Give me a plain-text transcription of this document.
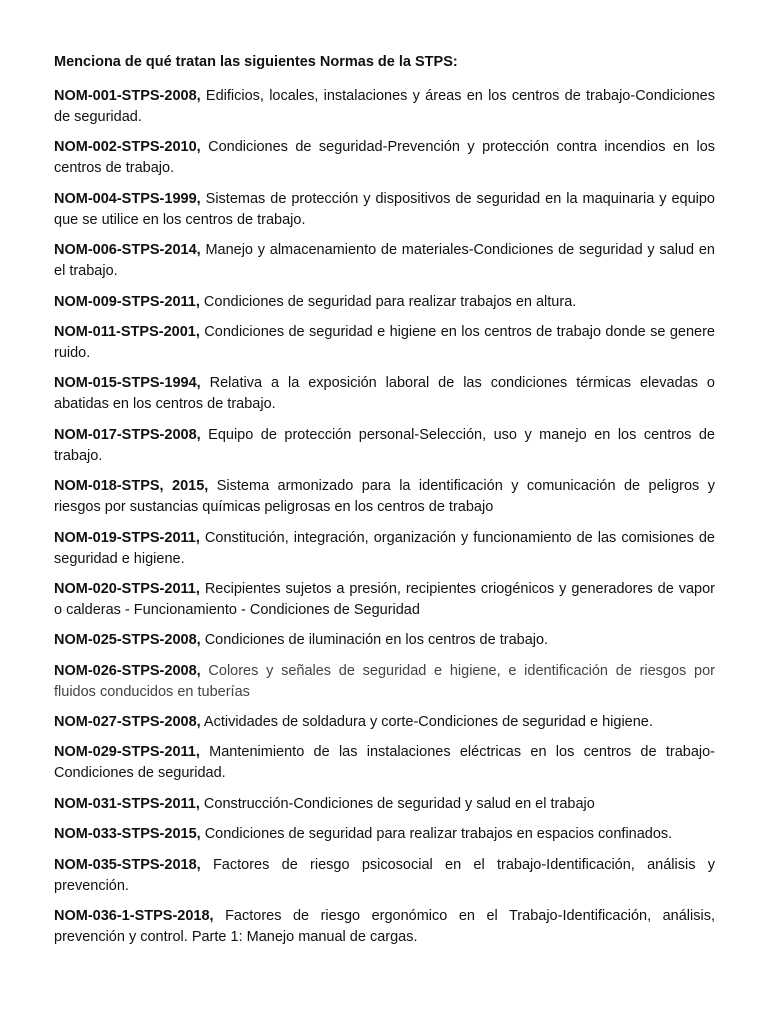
Menciona de qué tratan las siguientes Normas de la STPS:
NOM-001-STPS-2008, Edificios, locales, instalaciones y áreas en los centros de trabajo-Condiciones de seguridad.
NOM-002-STPS-2010, Condiciones de seguridad-Prevención y protección contra incendios en los centros de trabajo.
NOM-004-STPS-1999, Sistemas de protección y dispositivos de seguridad en la maquinaria y equipo que se utilice en los centros de trabajo.
NOM-006-STPS-2014, Manejo y almacenamiento de materiales-Condiciones de seguridad y salud en el trabajo.
NOM-009-STPS-2011, Condiciones de seguridad para realizar trabajos en altura.
NOM-011-STPS-2001, Condiciones de seguridad e higiene en los centros de trabajo donde se genere ruido.
NOM-015-STPS-1994, Relativa a la exposición laboral de las condiciones térmicas elevadas o abatidas en los centros de trabajo.
NOM-017-STPS-2008, Equipo de protección personal-Selección, uso y manejo en los centros de trabajo.
NOM-018-STPS, 2015, Sistema armonizado para la identificación y comunicación de peligros y riesgos por sustancias químicas peligrosas en los centros de trabajo
NOM-019-STPS-2011, Constitución, integración, organización y funcionamiento de las comisiones de seguridad e higiene.
NOM-020-STPS-2011, Recipientes sujetos a presión, recipientes criogénicos y generadores de vapor o calderas - Funcionamiento - Condiciones de Seguridad
NOM-025-STPS-2008, Condiciones de iluminación en los centros de trabajo.
NOM-026-STPS-2008, Colores y señales de seguridad e higiene, e identificación de riesgos por fluidos conducidos en tuberías
NOM-027-STPS-2008, Actividades de soldadura y corte-Condiciones de seguridad e higiene.
NOM-029-STPS-2011, Mantenimiento de las instalaciones eléctricas en los centros de trabajo-Condiciones de seguridad.
NOM-031-STPS-2011, Construcción-Condiciones de seguridad y salud en el trabajo
NOM-033-STPS-2015, Condiciones de seguridad para realizar trabajos en espacios confinados.
NOM-035-STPS-2018, Factores de riesgo psicosocial en el trabajo-Identificación, análisis y prevención.
NOM-036-1-STPS-2018, Factores de riesgo ergonómico en el Trabajo-Identificación, análisis, prevención y control. Parte 1: Manejo manual de cargas.
